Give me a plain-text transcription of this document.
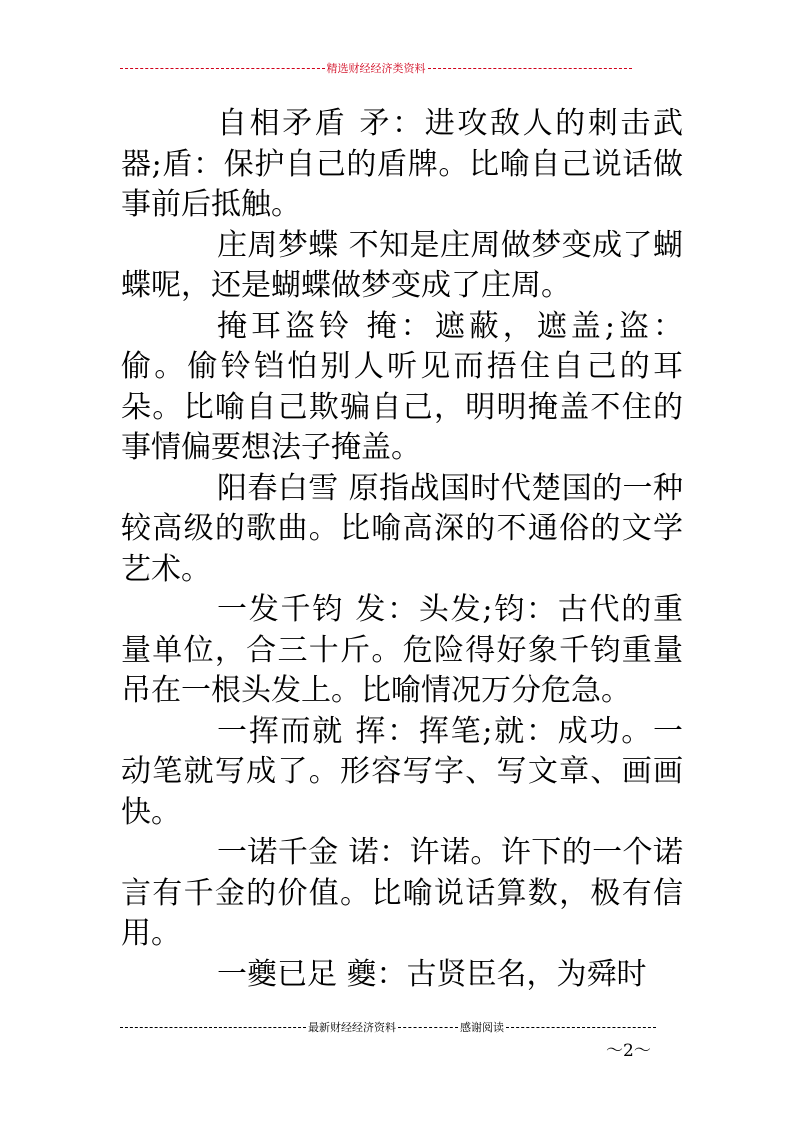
精选财经经济类资料

自相矛盾 矛：进攻敌人的刺击武器;盾：保护自己的盾牌。比喻自己说话做事前后抵触。

庄周梦蝶 不知是庄周做梦变成了蝴蝶呢，还是蝴蝶做梦变成了庄周。

掩耳盗铃 掩：遮蔽，遮盖;盗：偷。偷铃铛怕别人听见而捂住自己的耳朵。比喻自己欺骗自己，明明掩盖不住的事情偏要想法子掩盖。

阳春白雪 原指战国时代楚国的一种较高级的歌曲。比喻高深的不通俗的文学艺术。

一发千钧 发：头发;钧：古代的重量单位，合三十斤。危险得好象千钧重量吊在一根头发上。比喻情况万分危急。

一挥而就 挥：挥笔;就：成功。一动笔就写成了。形容写字、写文章、画画快。

一诺千金 诺：许诺。许下的一个诺言有千金的价值。比喻说话算数，极有信用。

一夔已足 夔：古贤臣名，为舜时

最新财经经济资料	感谢阅读
～2～
